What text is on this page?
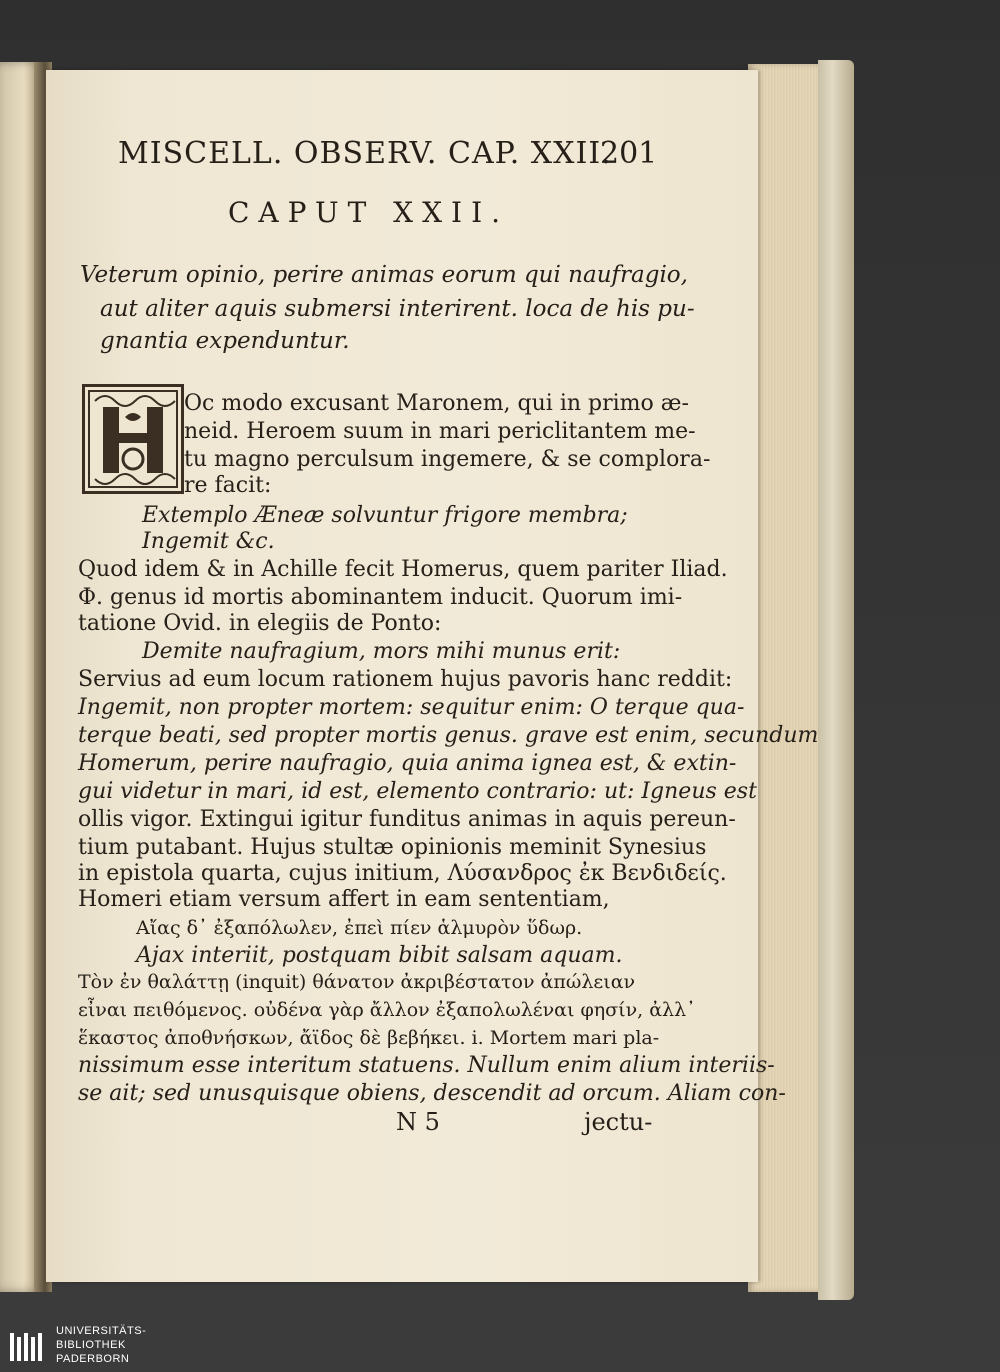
MISCELL. OBSERV. CAP. XXII.
201
CAPUT XXII.
Veterum opinio, perire animas eorum qui naufragio,
aut aliter aquis submersi interirent. loca de his pu-
gnantia expenduntur.
Oc modo excusant Maronem, qui in primo æ-
neid. Heroem suum in mari periclitantem me-
tu magno perculsum ingemere, & se complora-
re facit:
Extemplo Æneæ solvuntur frigore membra;
Ingemit &c.
Quod idem & in Achille fecit Homerus, quem pariter Iliad.
Φ. genus id mortis abominantem inducit. Quorum imi-
tatione Ovid. in elegiis de Ponto:
Demite naufragium, mors mihi munus erit:
Servius ad eum locum rationem hujus pavoris hanc reddit:
Ingemit, non propter mortem: sequitur enim: O terque qua-
terque beati, sed propter mortis genus. grave est enim, secundum
Homerum, perire naufragio, quia anima ignea est, & extin-
gui videtur in mari, id est, elemento contrario: ut: Igneus est
ollis vigor. Extingui igitur funditus animas in aquis pereun-
tium putabant. Hujus stultæ opinionis meminit Synesius
in epistola quarta, cujus initium, Λύσανδρος ἐκ Βενδιδείς.
Homeri etiam versum affert in eam sententiam,
Αἴας δ᾽ ἐξαπόλωλεν, ἐπεὶ πίεν ἁλμυρὸν ὕδωρ.
Ajax interiit, postquam bibit salsam aquam.
Τὸν ἐν θαλάττῃ (inquit) θάνατον ἀκριβέστατον ἀπώλειαν
εἶναι πειθόμενος. οὐδένα γὰρ ἄλλον ἐξαπολωλέναι φησίν, ἀλλ᾽
ἕκαστος ἀποθνήσκων, ἄϊδος δὲ βεβήκει. i. Mortem mari pla-
nissimum esse interitum statuens. Nullum enim alium interiis-
se ait; sed unusquisque obiens, descendit ad orcum. Aliam con-
N 5	jectu-
UNIVERSITÄTS-
BIBLIOTHEK
PADERBORN
